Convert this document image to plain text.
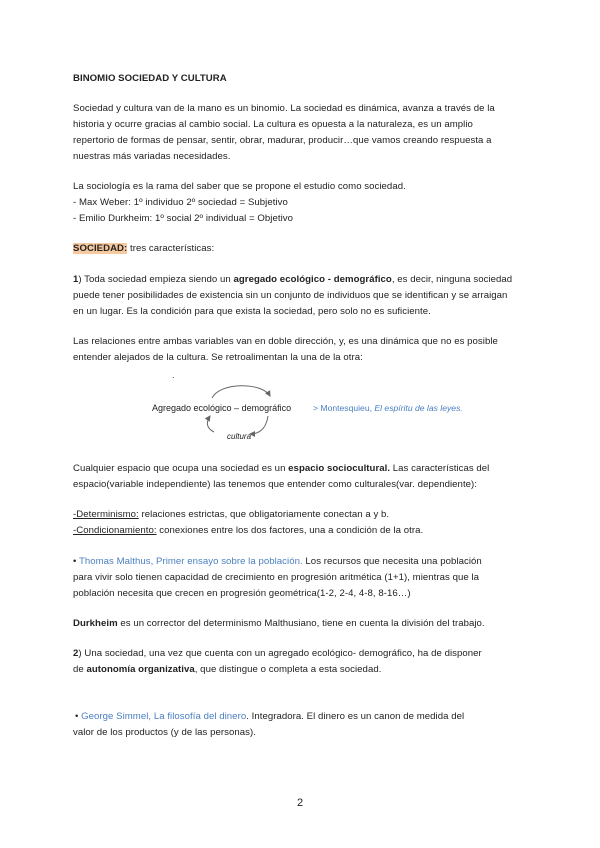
BINOMIO SOCIEDAD Y CULTURA
Sociedad y cultura van de la mano es un binomio. La sociedad es dinámica, avanza a través de la
historia y ocurre gracias al cambio social. La cultura es opuesta a la naturaleza, es un amplio
repertorio de formas de pensar, sentir, obrar, madurar, producir…que vamos creando respuesta a
nuestras más variadas necesidades.
La sociología es la rama del saber que se propone el estudio como sociedad.
- Max Weber: 1º individuo 2º sociedad = Subjetivo
- Emilio Durkheim: 1º social 2º individual = Objetivo
SOCIEDAD: tres características:
1) Toda sociedad empieza siendo un agregado ecológico - demográfico, es decir, ninguna sociedad
puede tener posibilidades de existencia sin un conjunto de individuos que se identifican y se arraigan
en un lugar. Es la condición para que exista la sociedad, pero solo no es suficiente.
Las relaciones entre ambas variables van en doble dirección, y, es una dinámica que no es posible
entender alejados de la cultura. Se retroalimentan la una de la otra:
.
Agregado ecológico – demográfico
cultura
> Montesquieu, El espíritu de las leyes.
Cualquier espacio que ocupa una sociedad es un espacio sociocultural. Las características del
espacio(variable independiente) las tenemos que entender como culturales(var. dependiente):
-Determinismo: relaciones estrictas, que obligatoriamente conectan a y b.
-Condicionamiento: conexiones entre los dos factores, una a condición de la otra.
• Thomas Malthus, Primer ensayo sobre la población. Los recursos que necesita una población
para vivir solo tienen capacidad de crecimiento en progresión aritmética (1+1), mientras que la
población necesita que crecen en progresión geométrica(1-2, 2-4, 4-8, 8-16…)
Durkheim es un corrector del determinismo Malthusiano, tiene en cuenta la división del trabajo.
2) Una sociedad, una vez que cuenta con un agregado ecológico- demográfico, ha de disponer
de autonomía organizativa, que distingue o completa a esta sociedad.
• George Simmel, La filosofía del dinero. Integradora. El dinero es un canon de medida del
valor de los productos (y de las personas).
2
